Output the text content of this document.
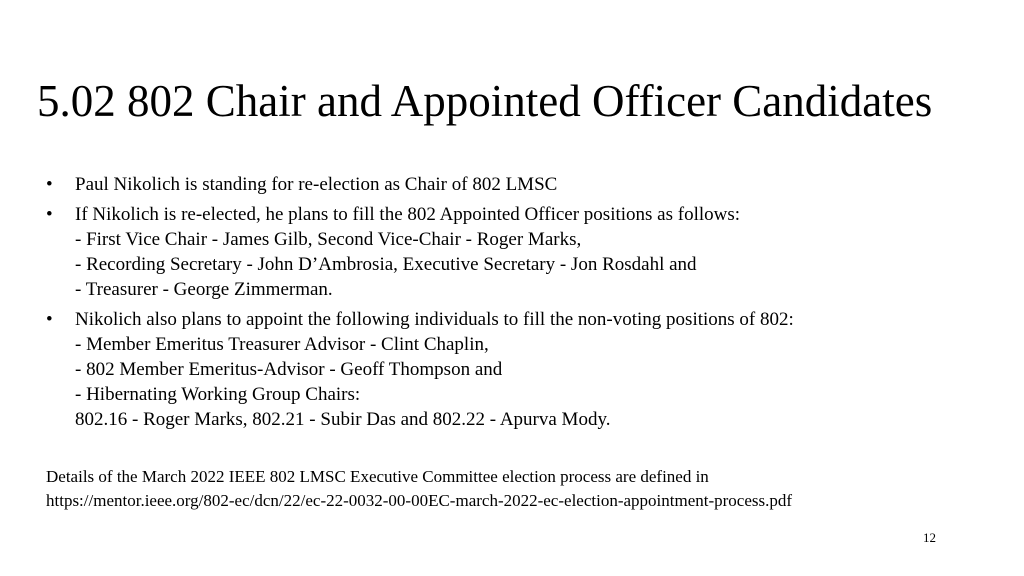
5.02 802 Chair and Appointed Officer Candidates
• Paul Nikolich is standing for re-election as Chair of 802 LMSC
• If Nikolich is re-elected, he plans to fill the 802 Appointed Officer positions as follows:
- First Vice Chair - James Gilb, Second Vice-Chair - Roger Marks,
- Recording Secretary - John D’Ambrosia, Executive Secretary - Jon Rosdahl and
- Treasurer - George Zimmerman.
• Nikolich also plans to appoint the following individuals to fill the non-voting positions of 802:
- Member Emeritus Treasurer Advisor - Clint Chaplin,
- 802 Member Emeritus-Advisor - Geoff Thompson and
- Hibernating Working Group Chairs:
802.16 - Roger Marks, 802.21 - Subir Das and 802.22 - Apurva Mody.
Details of the March 2022 IEEE 802 LMSC Executive Committee election process are defined in
https://mentor.ieee.org/802-ec/dcn/22/ec-22-0032-00-00EC-march-2022-ec-election-appointment-process.pdf
12
